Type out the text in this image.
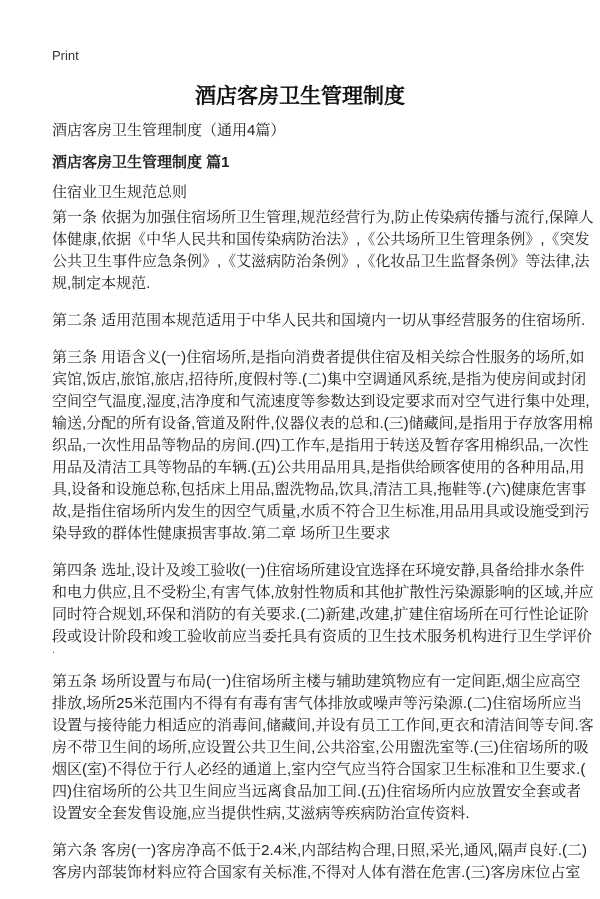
Print
酒店客房卫生管理制度
酒店客房卫生管理制度（通用4篇）
酒店客房卫生管理制度 篇1
住宿业卫生规范总则
第一条 依据为加强住宿场所卫生管理,规范经营行为,防止传染病传播与流行,保障人
体健康,依据《中华人民共和国传染病防治法》,《公共场所卫生管理条例》,《突发
公共卫生事件应急条例》,《艾滋病防治条例》,《化妆品卫生监督条例》等法律,法
规,制定本规范.
第二条 适用范围本规范适用于中华人民共和国境内一切从事经营服务的住宿场所.
第三条 用语含义(一)住宿场所,是指向消费者提供住宿及相关综合性服务的场所,如
宾馆,饭店,旅馆,旅店,招待所,度假村等.(二)集中空调通风系统,是指为使房间或封闭
空间空气温度,湿度,洁净度和气流速度等参数达到设定要求而对空气进行集中处理,
输送,分配的所有设备,管道及附件,仪器仪表的总和.(三)储藏间,是指用于存放客用棉
织品,一次性用品等物品的房间.(四)工作车,是指用于转送及暂存客用棉织品,一次性
用品及清洁工具等物品的车辆.(五)公共用品用具,是指供给顾客使用的各种用品,用
具,设备和设施总称,包括床上用品,盥洗物品,饮具,清洁工具,拖鞋等.(六)健康危害事
故,是指住宿场所内发生的因空气质量,水质不符合卫生标准,用品用具或设施受到污
染导致的群体性健康损害事故.第二章 场所卫生要求
第四条 选址,设计及竣工验收(一)住宿场所建设宜选择在环境安静,具备给排水条件
和电力供应,且不受粉尘,有害气体,放射性物质和其他扩散性污染源影响的区域,并应
同时符合规划,环保和消防的有关要求.(二)新建,改建,扩建住宿场所在可行性论证阶
段或设计阶段和竣工验收前应当委托具有资质的卫生技术服务机构进行卫生学评价
.
第五条 场所设置与布局(一)住宿场所主楼与辅助建筑物应有一定间距,烟尘应高空
排放,场所25米范围内不得有有毒有害气体排放或噪声等污染源.(二)住宿场所应当
设置与接待能力相适应的消毒间,储藏间,并设有员工工作间,更衣和清洁间等专间.客
房不带卫生间的场所,应设置公共卫生间,公共浴室,公用盥洗室等.(三)住宿场所的吸
烟区(室)不得位于行人必经的通道上,室内空气应当符合国家卫生标准和卫生要求.(
四)住宿场所的公共卫生间应当远离食品加工间.(五)住宿场所内应放置安全套或者
设置安全套发售设施,应当提供性病,艾滋病等疾病防治宣传资料.
第六条 客房(一)客房净高不低于2.4米,内部结构合理,日照,采光,通风,隔声良好.(二)
客房内部装饰材料应符合国家有关标准,不得对人体有潜在危害.(三)客房床位占室
